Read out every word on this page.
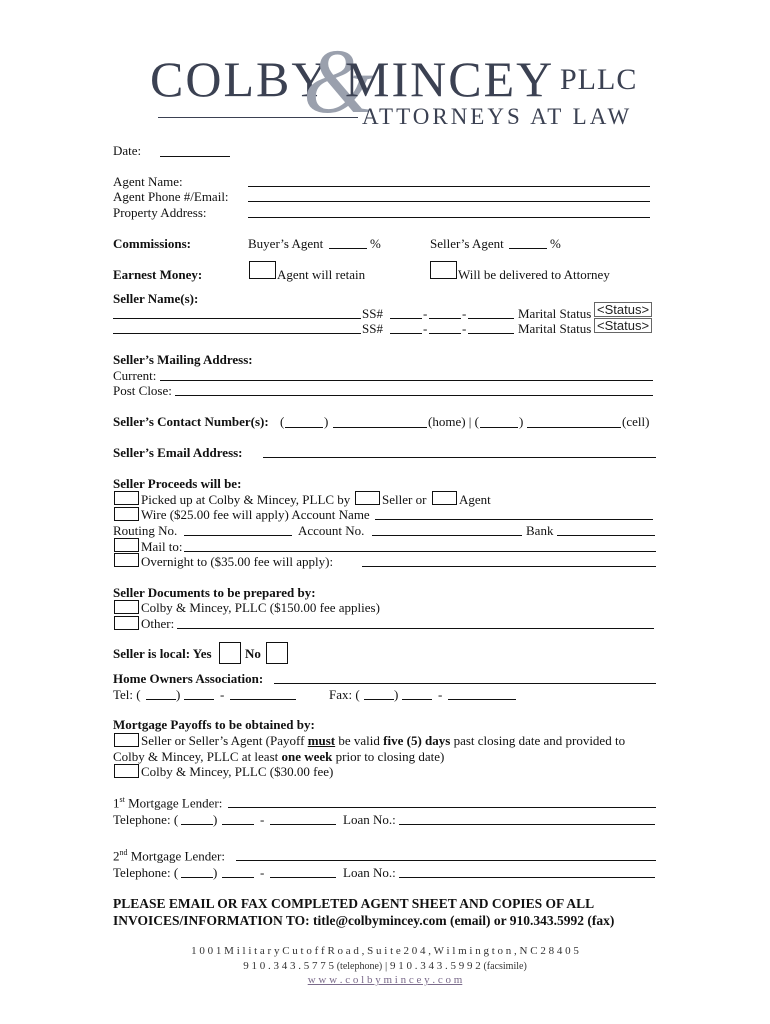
COLBY
&
MINCEY PLLC
ATTORNEYS AT LAW
Date:
Agent Name:
Agent Phone #/Email:
Property Address:
Commissions:	Buyer’s Agent	%	Seller’s Agent	%
Earnest Money:	Agent will retain	Will be delivered to Attorney
Seller Name(s):
SS#	-	-	Marital Status <Status>
SS#	-	-	Marital Status <Status>
Seller’s Mailing Address:
Current:
Post Close:
Seller’s Contact Number(s): (	)	(home) | (	)	(cell)
Seller’s Email Address:
Seller Proceeds will be:
Picked up at Colby & Mincey, PLLC by Seller or	Agent
Wire ($25.00 fee will apply) Account Name
Routing No.	Account No.	Bank
Mail to:
Overnight to ($35.00 fee will apply):
Seller Documents to be prepared by:
Colby & Mincey, PLLC ($150.00 fee applies)
Other:
Seller is local: Yes	No
Home Owners Association:
Tel: (	)	-	Fax: (	)	-
Mortgage Payoffs to be obtained by:
Seller or Seller’s Agent (Payoff must be valid five (5) days past closing date and provided to
Colby & Mincey, PLLC at least one week prior to closing date)
Colby & Mincey, PLLC ($30.00 fee)
1st Mortgage Lender:
Telephone: (	)	-	Loan No.:
2nd Mortgage Lender:
Telephone: (	)	-	Loan No.:
PLEASE EMAIL OR FAX COMPLETED AGENT SHEET AND COPIES OF ALL
INVOICES/INFORMATION TO: title@colbymincey.com (email) or 910.343.5992 (fax)
1 0 0 1 M i l i t a r y C u t o f f R o a d , S u i t e 2 0 4 , W i l m i n g t o n , N C 2 8 4 0 5
9 1 0 . 3 4 3 . 5 7 7 5 (telephone) | 9 1 0 . 3 4 3 . 5 9 9 2 (facsimile)
w w w . c o l b y m i n c e y . c o m
